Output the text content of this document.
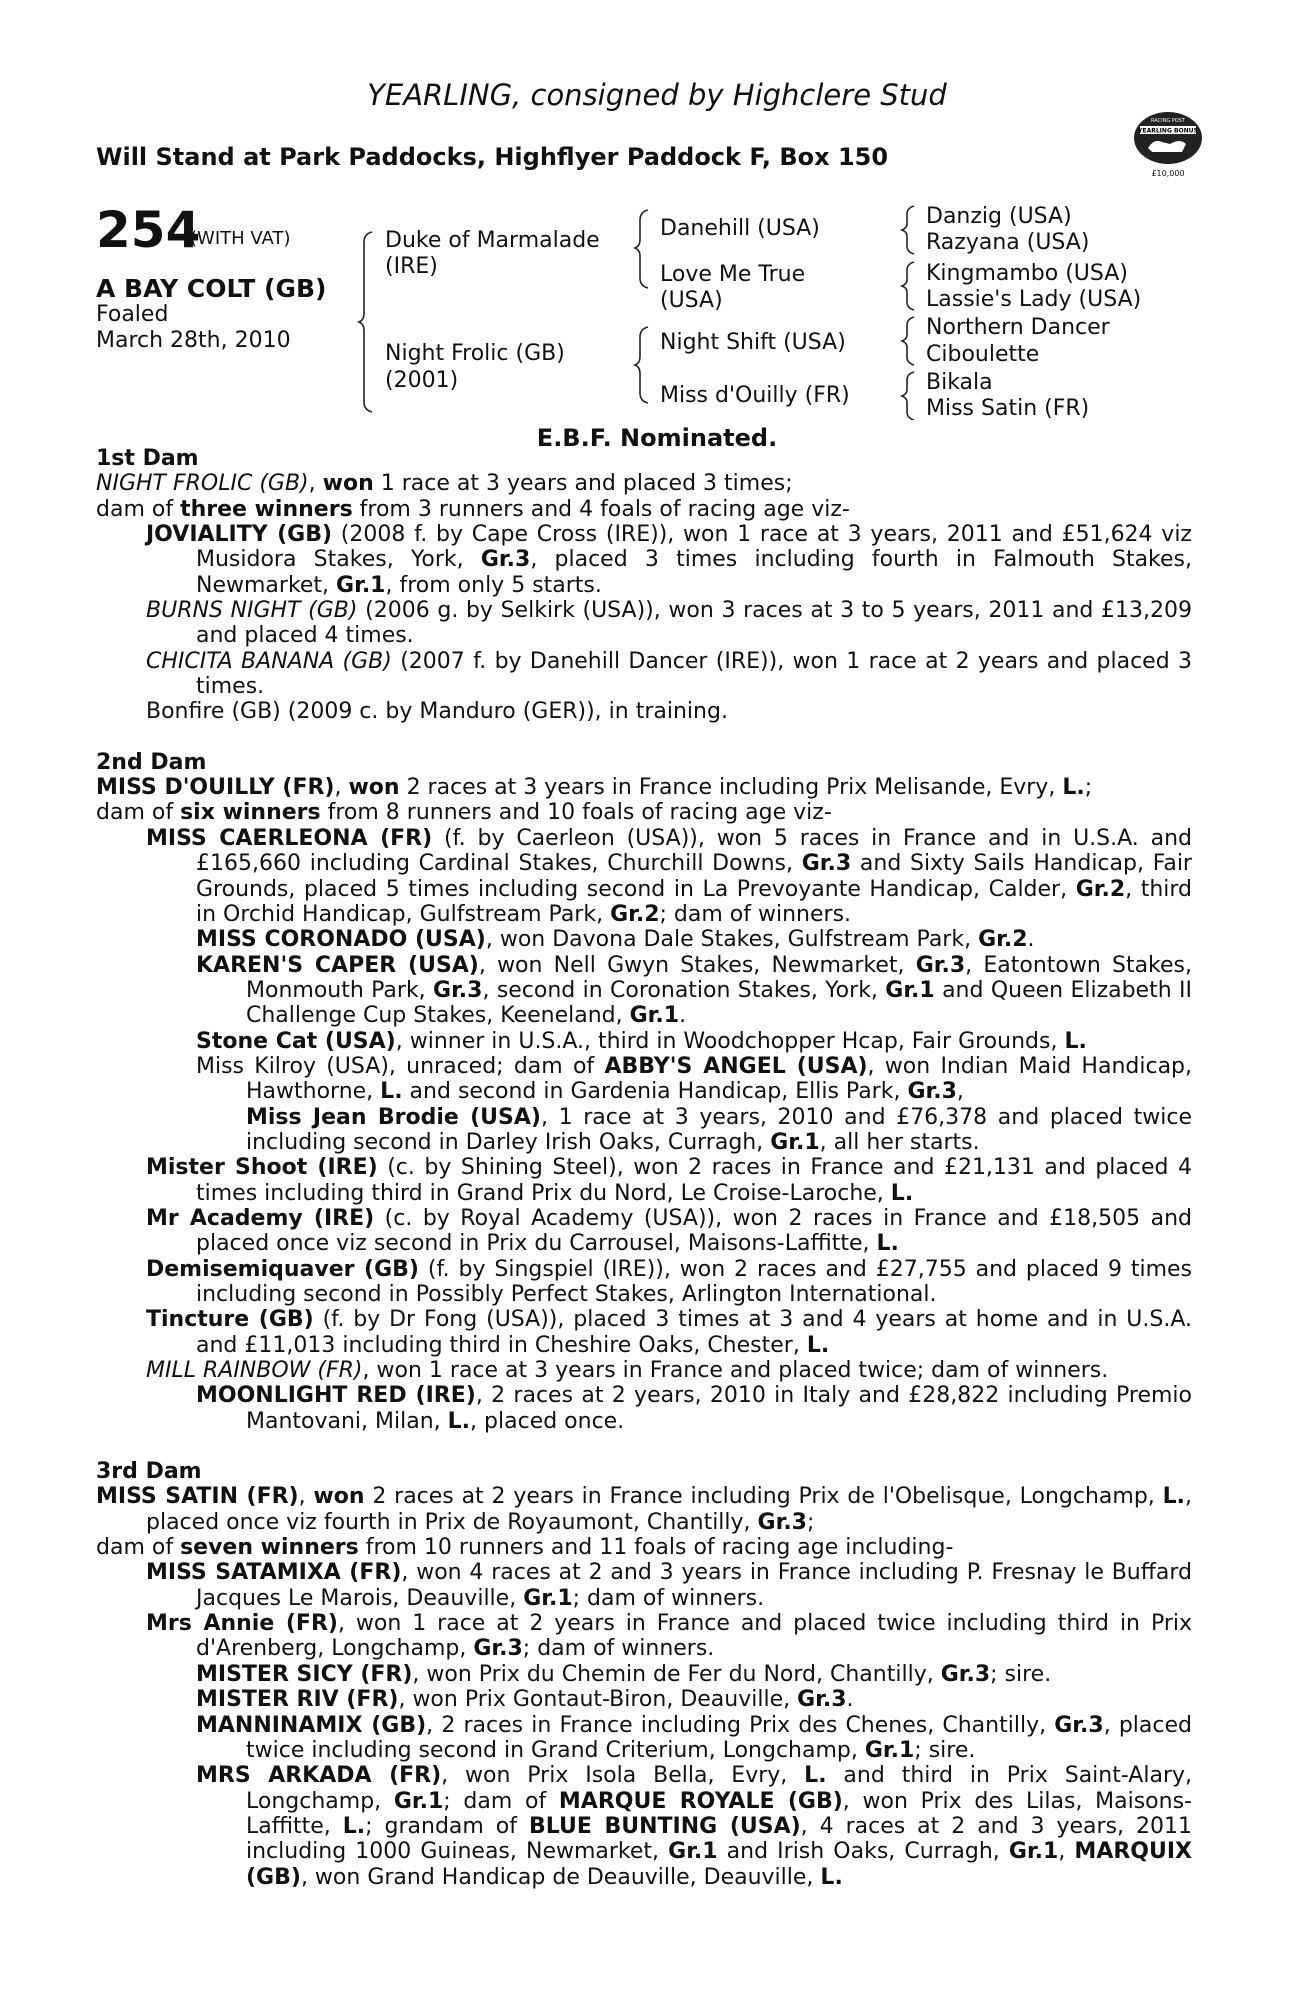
YEARLING, consigned by Highclere Stud
Will Stand at Park Paddocks, Highflyer Paddock F, Box 150
YEARLING BONUS
RACING POST
£10,000
254
(WITH VAT)
A BAY COLT (GB)
Foaled
March 28th, 2010
Duke of Marmalade
(IRE)
Night Frolic (GB)
(2001)
Danehill (USA)
Love Me True
(USA)
Night Shift (USA)
Miss d'Ouilly (FR)
Danzig (USA)
Razyana (USA)
Kingmambo (USA)
Lassie's Lady (USA)
Northern Dancer
Ciboulette
Bikala
Miss Satin (FR)
E.B.F. Nominated.
1st Dam
NIGHT FROLIC (GB), won 1 race at 3 years and placed 3 times;
dam of three winners from 3 runners and 4 foals of racing age viz-
JOVIALITY (GB) (2008 f. by Cape Cross (IRE)), won 1 race at 3 years, 2011 and £51,624 viz Musidora Stakes, York, Gr.3, placed 3 times including fourth in Falmouth Stakes, Newmarket, Gr.1, from only 5 starts.
BURNS NIGHT (GB) (2006 g. by Selkirk (USA)), won 3 races at 3 to 5 years, 2011 and £13,209 and placed 4 times.
CHICITA BANANA (GB) (2007 f. by Danehill Dancer (IRE)), won 1 race at 2 years and placed 3 times.
Bonfire (GB) (2009 c. by Manduro (GER)), in training.
2nd Dam
MISS D'OUILLY (FR), won 2 races at 3 years in France including Prix Melisande, Evry, L.;
dam of six winners from 8 runners and 10 foals of racing age viz-
MISS CAERLEONA (FR) (f. by Caerleon (USA)), won 5 races in France and in U.S.A. and £165,660 including Cardinal Stakes, Churchill Downs, Gr.3 and Sixty Sails Handicap, Fair Grounds, placed 5 times including second in La Prevoyante Handicap, Calder, Gr.2, third in Orchid Handicap, Gulfstream Park, Gr.2; dam of winners.
MISS CORONADO (USA), won Davona Dale Stakes, Gulfstream Park, Gr.2.
KAREN'S CAPER (USA), won Nell Gwyn Stakes, Newmarket, Gr.3, Eatontown Stakes, Monmouth Park, Gr.3, second in Coronation Stakes, York, Gr.1 and Queen Elizabeth II Challenge Cup Stakes, Keeneland, Gr.1.
Stone Cat (USA), winner in U.S.A., third in Woodchopper Hcap, Fair Grounds, L.
Miss Kilroy (USA), unraced; dam of ABBY'S ANGEL (USA), won Indian Maid Handicap, Hawthorne, L. and second in Gardenia Handicap, Ellis Park, Gr.3,
Miss Jean Brodie (USA), 1 race at 3 years, 2010 and £76,378 and placed twice including second in Darley Irish Oaks, Curragh, Gr.1, all her starts.
Mister Shoot (IRE) (c. by Shining Steel), won 2 races in France and £21,131 and placed 4 times including third in Grand Prix du Nord, Le Croise-Laroche, L.
Mr Academy (IRE) (c. by Royal Academy (USA)), won 2 races in France and £18,505 and placed once viz second in Prix du Carrousel, Maisons-Laffitte, L.
Demisemiquaver (GB) (f. by Singspiel (IRE)), won 2 races and £27,755 and placed 9 times including second in Possibly Perfect Stakes, Arlington International.
Tincture (GB) (f. by Dr Fong (USA)), placed 3 times at 3 and 4 years at home and in U.S.A. and £11,013 including third in Cheshire Oaks, Chester, L.
MILL RAINBOW (FR), won 1 race at 3 years in France and placed twice; dam of winners.
MOONLIGHT RED (IRE), 2 races at 2 years, 2010 in Italy and £28,822 including Premio Mantovani, Milan, L., placed once.
3rd Dam
MISS SATIN (FR), won 2 races at 2 years in France including Prix de l'Obelisque, Longchamp, L., placed once viz fourth in Prix de Royaumont, Chantilly, Gr.3;
dam of seven winners from 10 runners and 11 foals of racing age including-
MISS SATAMIXA (FR), won 4 races at 2 and 3 years in France including P. Fresnay le Buffard Jacques Le Marois, Deauville, Gr.1; dam of winners.
Mrs Annie (FR), won 1 race at 2 years in France and placed twice including third in Prix d'Arenberg, Longchamp, Gr.3; dam of winners.
MISTER SICY (FR), won Prix du Chemin de Fer du Nord, Chantilly, Gr.3; sire.
MISTER RIV (FR), won Prix Gontaut-Biron, Deauville, Gr.3.
MANNINAMIX (GB), 2 races in France including Prix des Chenes, Chantilly, Gr.3, placed twice including second in Grand Criterium, Longchamp, Gr.1; sire.
MRS ARKADA (FR), won Prix Isola Bella, Evry, L. and third in Prix Saint-Alary, Longchamp, Gr.1; dam of MARQUE ROYALE (GB), won Prix des Lilas, Maisons-Laffitte, L.; grandam of BLUE BUNTING (USA), 4 races at 2 and 3 years, 2011 including 1000 Guineas, Newmarket, Gr.1 and Irish Oaks, Curragh, Gr.1, MARQUIX (GB), won Grand Handicap de Deauville, Deauville, L.
